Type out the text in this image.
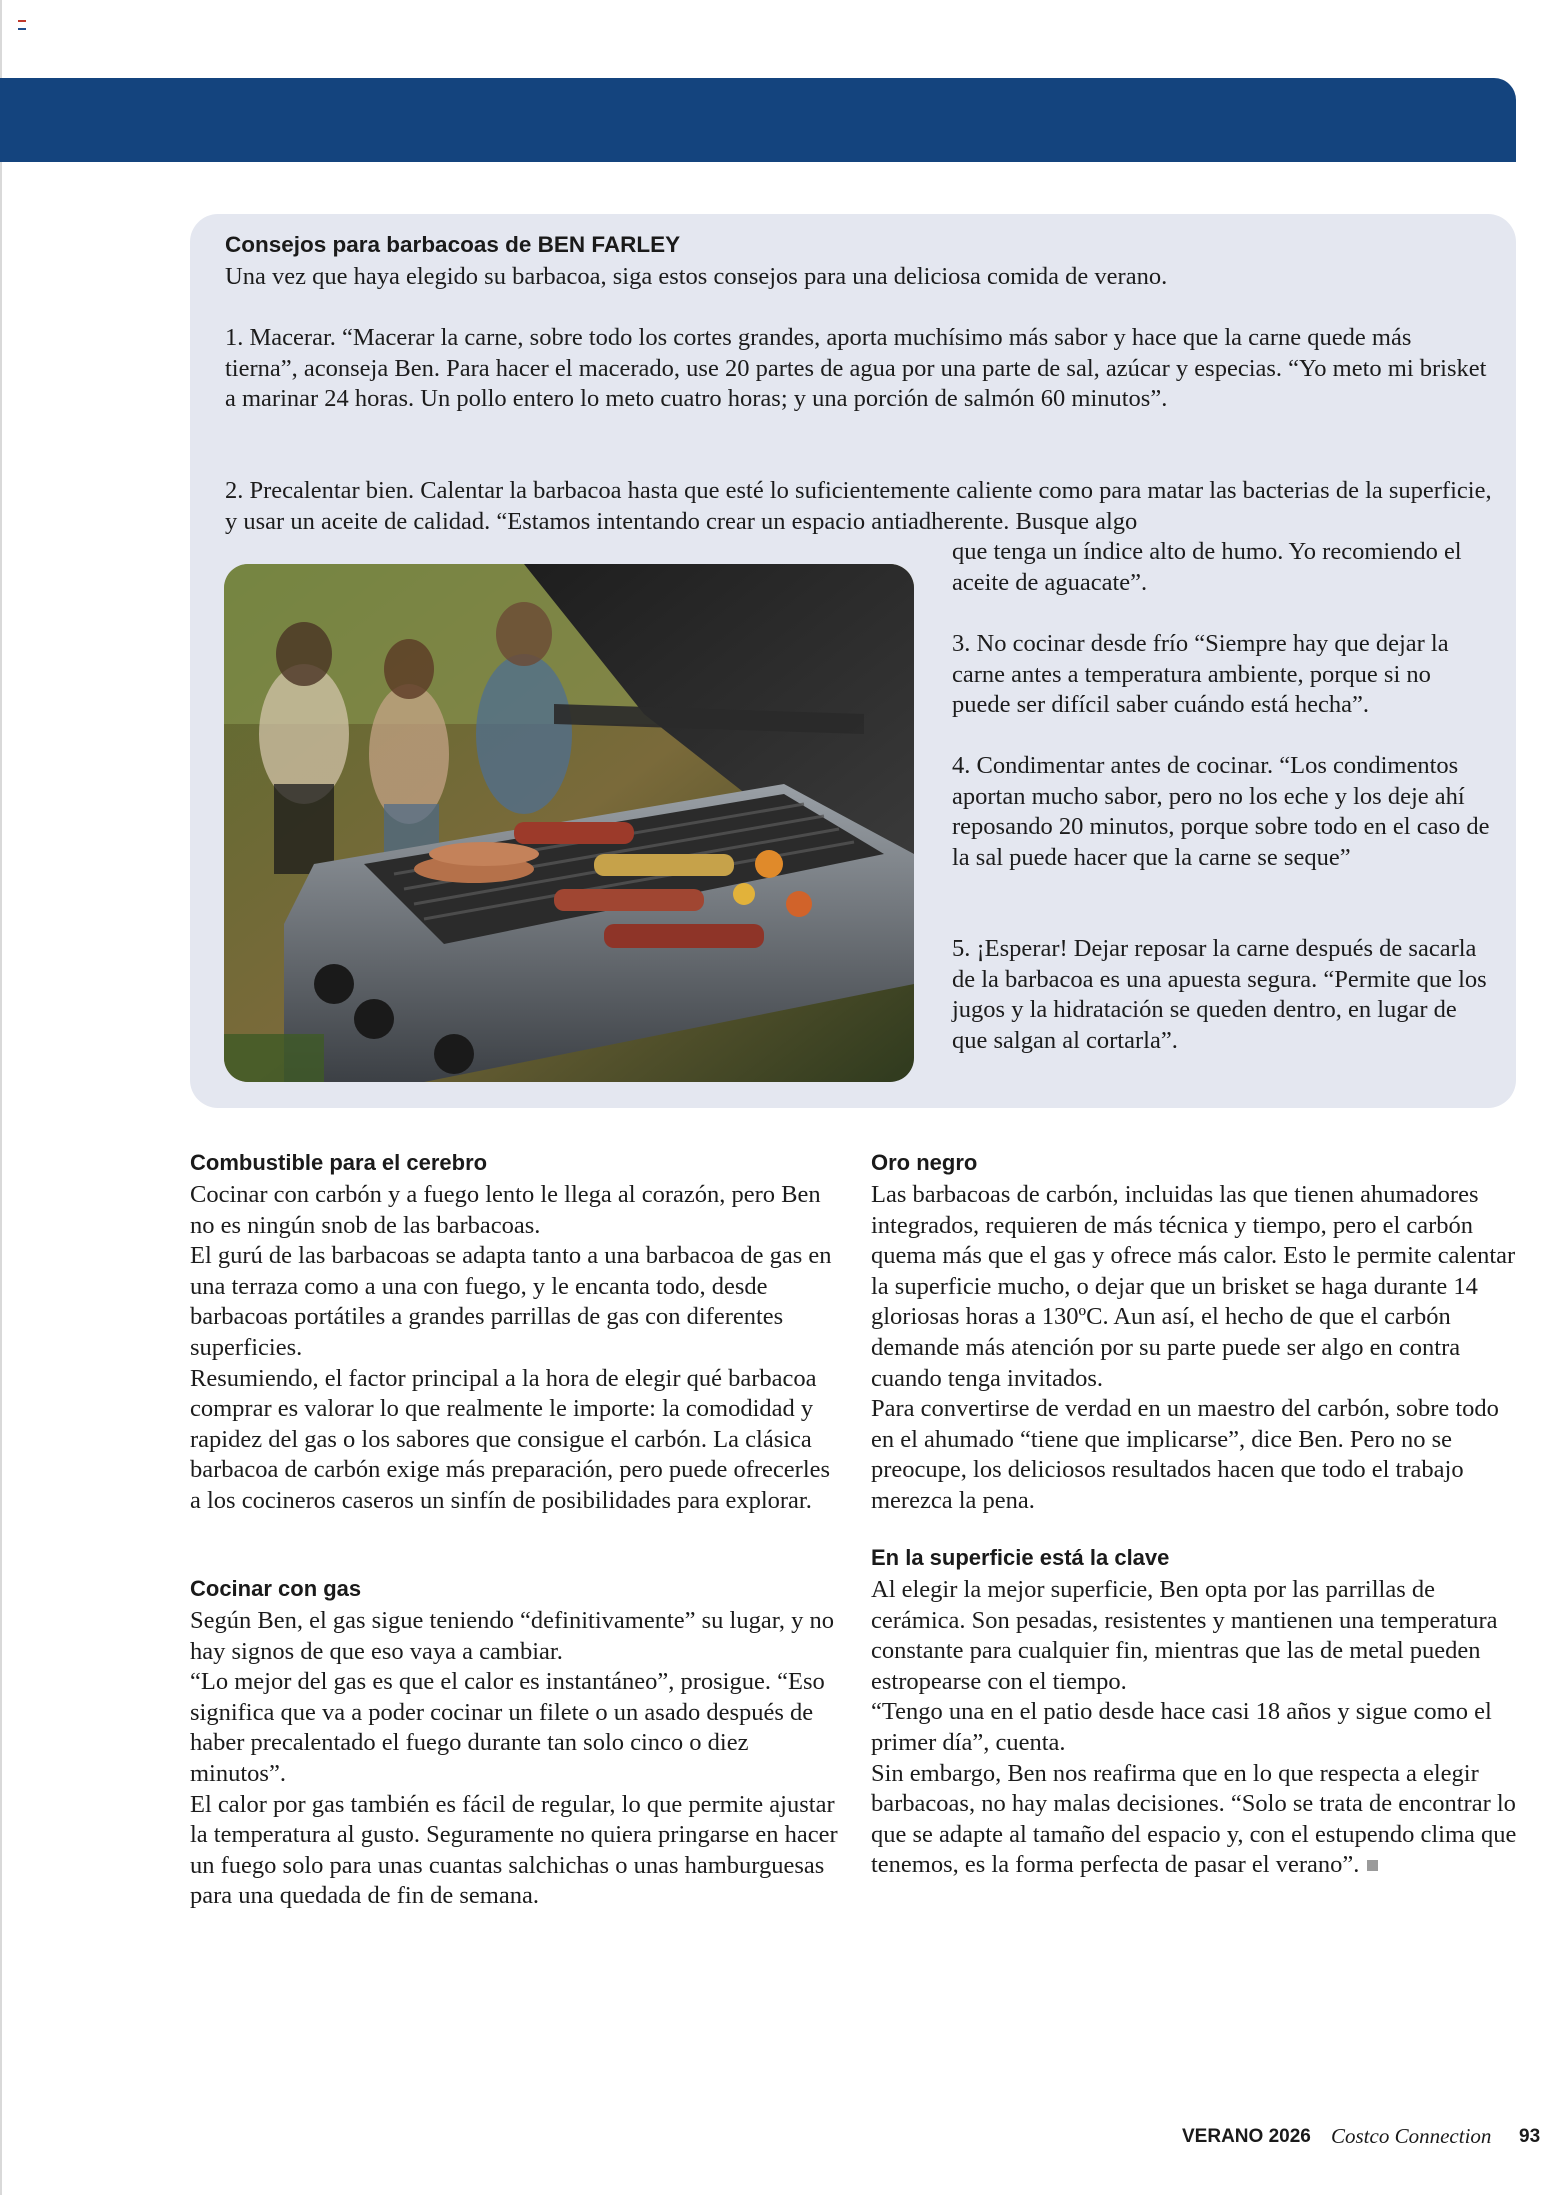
Consejos para barbacoas de BEN FARLEY

Una vez que haya elegido su barbacoa, siga estos consejos para una deliciosa comida de verano.

1. Macerar. “Macerar la carne, sobre todo los cortes grandes, aporta muchísimo más sabor y hace que la carne quede más tierna”, aconseja Ben. Para hacer el macerado, use 20 partes de agua por una parte de sal, azúcar y especias. “Yo meto mi brisket a marinar 24 horas. Un pollo entero lo meto cuatro horas; y una porción de salmón 60 minutos”.

2. Precalentar bien. Calentar la barbacoa hasta que esté lo suficientemente caliente como para matar las bacterias de la superficie, y usar un aceite de calidad. “Estamos intentando crear un espacio antiadherente. Busque algo

que tenga un índice alto de humo. Yo recomiendo el aceite de aguacate”.

3. No cocinar desde frío “Siempre hay que dejar la carne antes a temperatura ambiente, porque si no puede ser difícil saber cuándo está hecha”.

4. Condimentar antes de cocinar. “Los condimentos aportan mucho sabor, pero no los eche y los deje ahí reposando 20 minutos, porque sobre todo en el caso de la sal puede hacer que la carne se seque”

5. ¡Esperar! Dejar reposar la carne después de sacarla de la barbacoa es una apuesta segura. “Permite que los jugos y la hidratación se queden dentro, en lugar de que salgan al cortarla”.

Combustible para el cerebro

Cocinar con carbón y a fuego lento le llega al corazón, pero Ben no es ningún snob de las barbacoas.

El gurú de las barbacoas se adapta tanto a una barbacoa de gas en una terraza como a una con fuego, y le encanta todo, desde barbacoas portátiles a grandes parrillas de gas con diferentes superficies.

Resumiendo, el factor principal a la hora de elegir qué barbacoa comprar es valorar lo que realmente le importe: la comodidad y rapidez del gas o los sabores que consigue el carbón. La clásica barbacoa de carbón exige más preparación, pero puede ofrecerles a los cocineros caseros un sinfín de posibilidades para explorar.

Cocinar con gas

Según Ben, el gas sigue teniendo “definitivamente” su lugar, y no hay signos de que eso vaya a cambiar.

“Lo mejor del gas es que el calor es instantáneo”, prosigue. “Eso significa que va a poder cocinar un filete o un asado después de haber precalentado el fuego durante tan solo cinco o diez minutos”.

El calor por gas también es fácil de regular, lo que permite ajustar la temperatura al gusto. Seguramente no quiera pringarse en hacer un fuego solo para unas cuantas salchichas o unas hamburguesas para una quedada de fin de semana.

Oro negro

Las barbacoas de carbón, incluidas las que tienen ahumadores integrados, requieren de más técnica y tiempo, pero el carbón quema más que el gas y ofrece más calor. Esto le permite calentar la superficie mucho, o dejar que un brisket se haga durante 14 gloriosas horas a 130ºC. Aun así, el hecho de que el carbón demande más atención por su parte puede ser algo en contra cuando tenga invitados.

Para convertirse de verdad en un maestro del carbón, sobre todo en el ahumado “tiene que implicarse”, dice Ben. Pero no se preocupe, los deliciosos resultados hacen que todo el trabajo merezca la pena.

En la superficie está la clave

Al elegir la mejor superficie, Ben opta por las parrillas de cerámica. Son pesadas, resistentes y mantienen una temperatura constante para cualquier fin, mientras que las de metal pueden estropearse con el tiempo.

“Tengo una en el patio desde hace casi 18 años y sigue como el primer día”, cuenta.

Sin embargo, Ben nos reafirma que en lo que respecta a elegir barbacoas, no hay malas decisiones. “Solo se trata de encontrar lo que se adapte al tamaño del espacio y, con el estupendo clima que tenemos, es la forma perfecta de pasar el verano”.

VERANO 2026 Costco Connection 93
